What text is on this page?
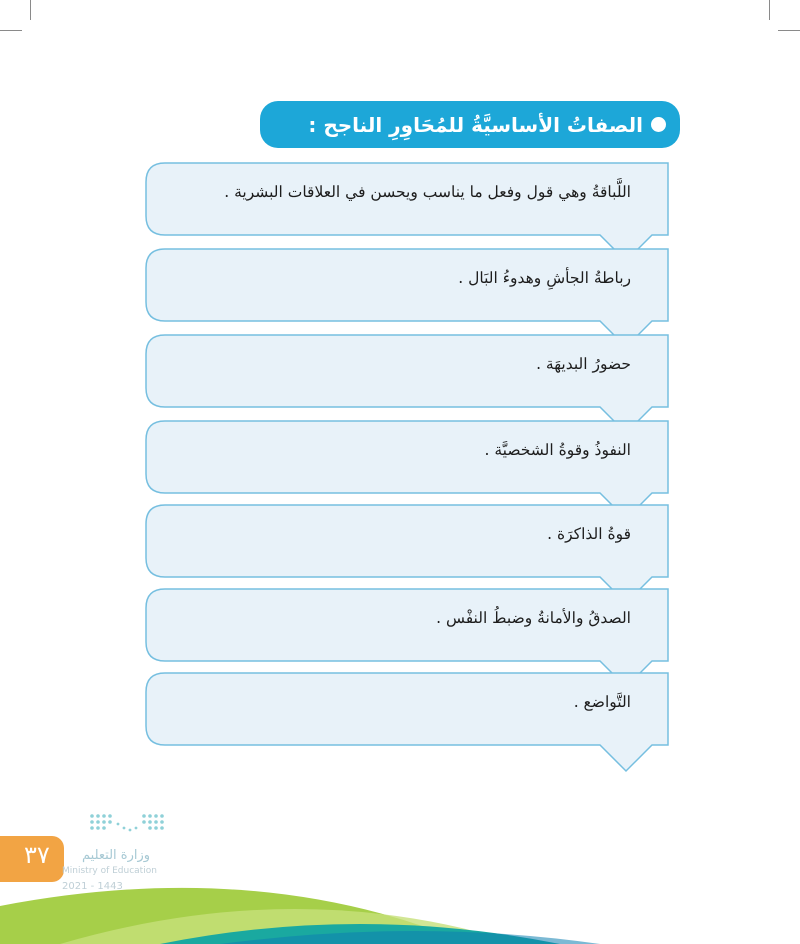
الصفاتُ الأساسيَّةُ للمُحَاوِرِ الناجح :
اللَّباقةُ وهي قول وفعل ما يناسب ويحسن في العلاقات البشرية .
رباطةُ الجأشِ وهدوءُ البَال .
حضورُ البديهَة .
النفوذُ وقوةُ الشخصيَّة .
قوةُ الذاكرَة .
الصدقُ والأمانةُ وضبطُ النفْس .
التَّواضع .
٣٧ وزارة التعليم
Ministry of Education
2021 - 1443
